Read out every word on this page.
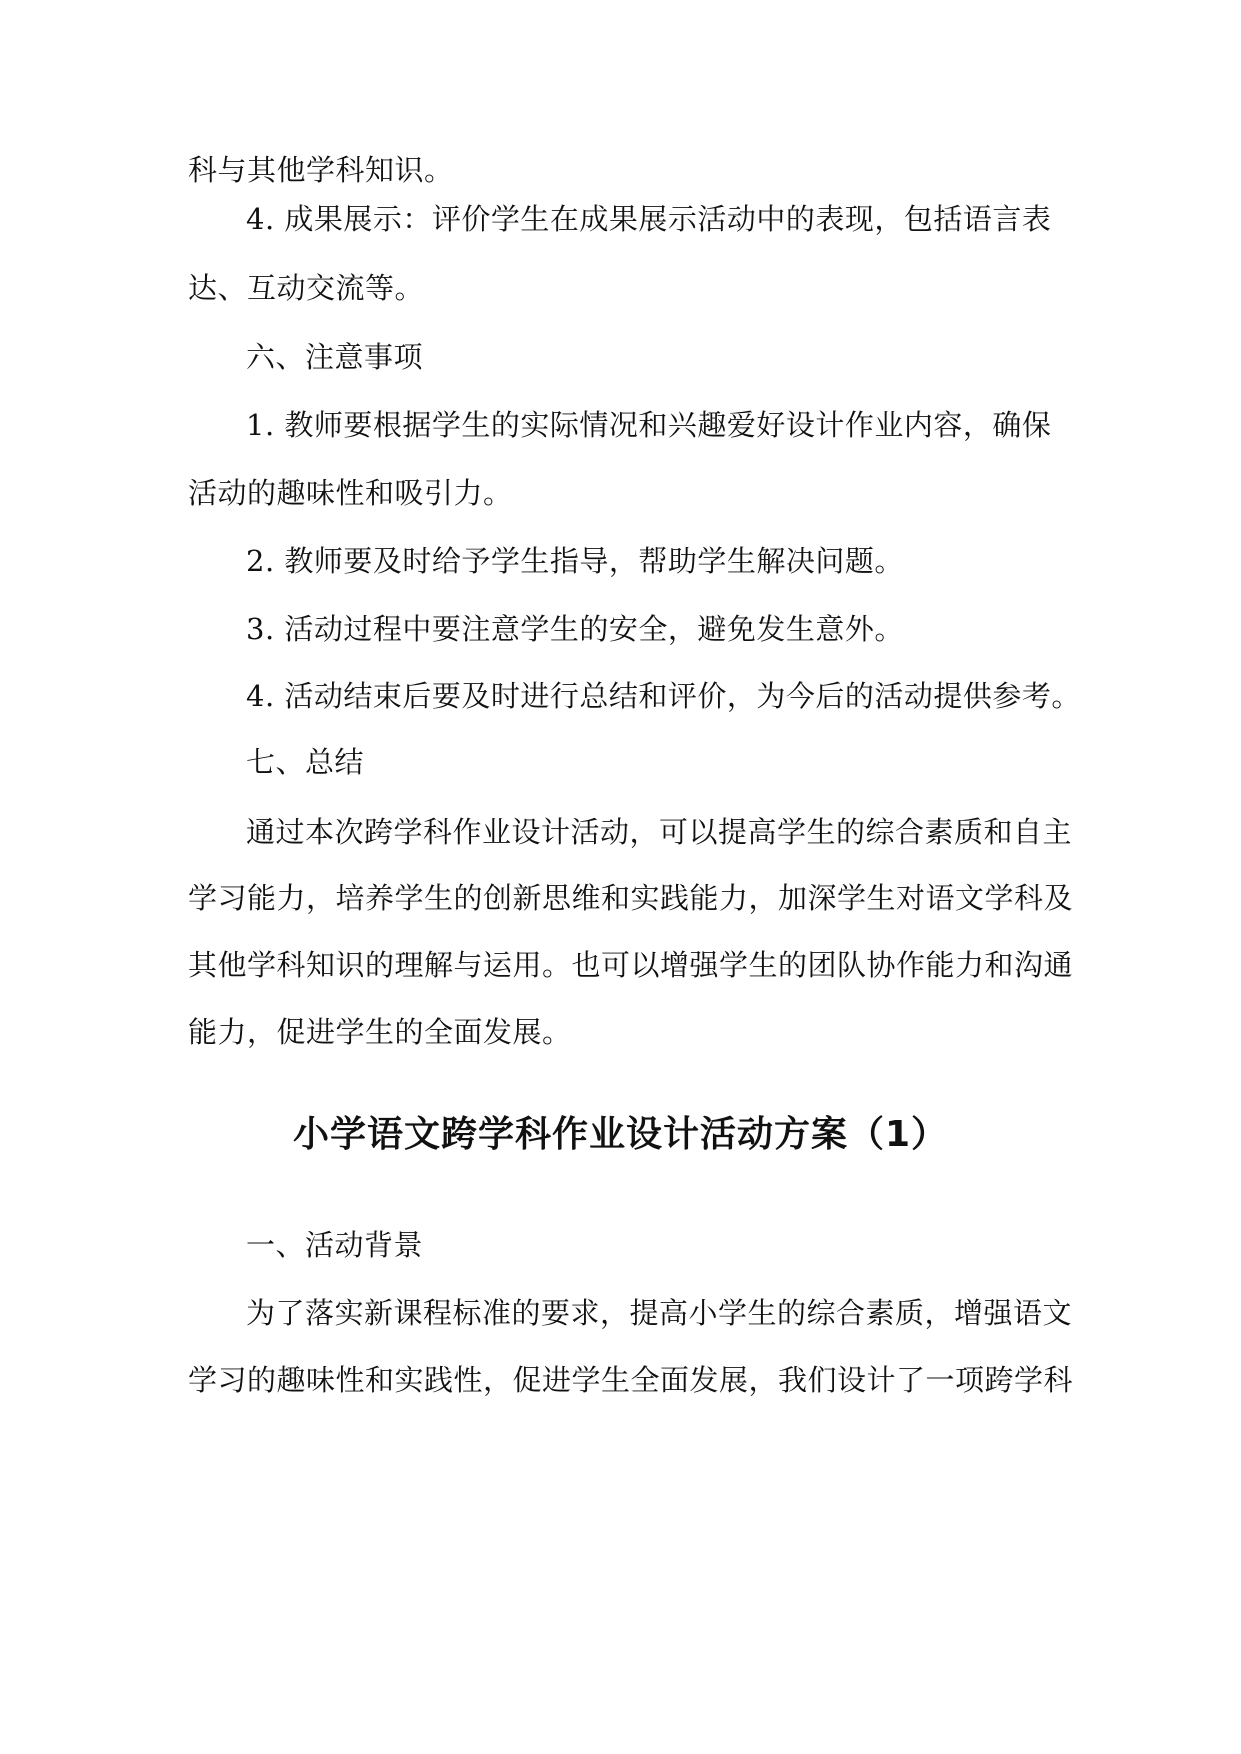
科与其他学科知识。
4. 成果展示：评价学生在成果展示活动中的表现，包括语言表
达、互动交流等。
六、注意事项
1. 教师要根据学生的实际情况和兴趣爱好设计作业内容，确保
活动的趣味性和吸引力。
2. 教师要及时给予学生指导，帮助学生解决问题。
3. 活动过程中要注意学生的安全，避免发生意外。
4. 活动结束后要及时进行总结和评价，为今后的活动提供参考。
七、总结
通过本次跨学科作业设计活动，可以提高学生的综合素质和自主
学习能力，培养学生的创新思维和实践能力，加深学生对语文学科及
其他学科知识的理解与运用。也可以增强学生的团队协作能力和沟通
能力，促进学生的全面发展。
小学语文跨学科作业设计活动方案（1）
一、活动背景
为了落实新课程标准的要求，提高小学生的综合素质，增强语文
学习的趣味性和实践性，促进学生全面发展，我们设计了一项跨学科
